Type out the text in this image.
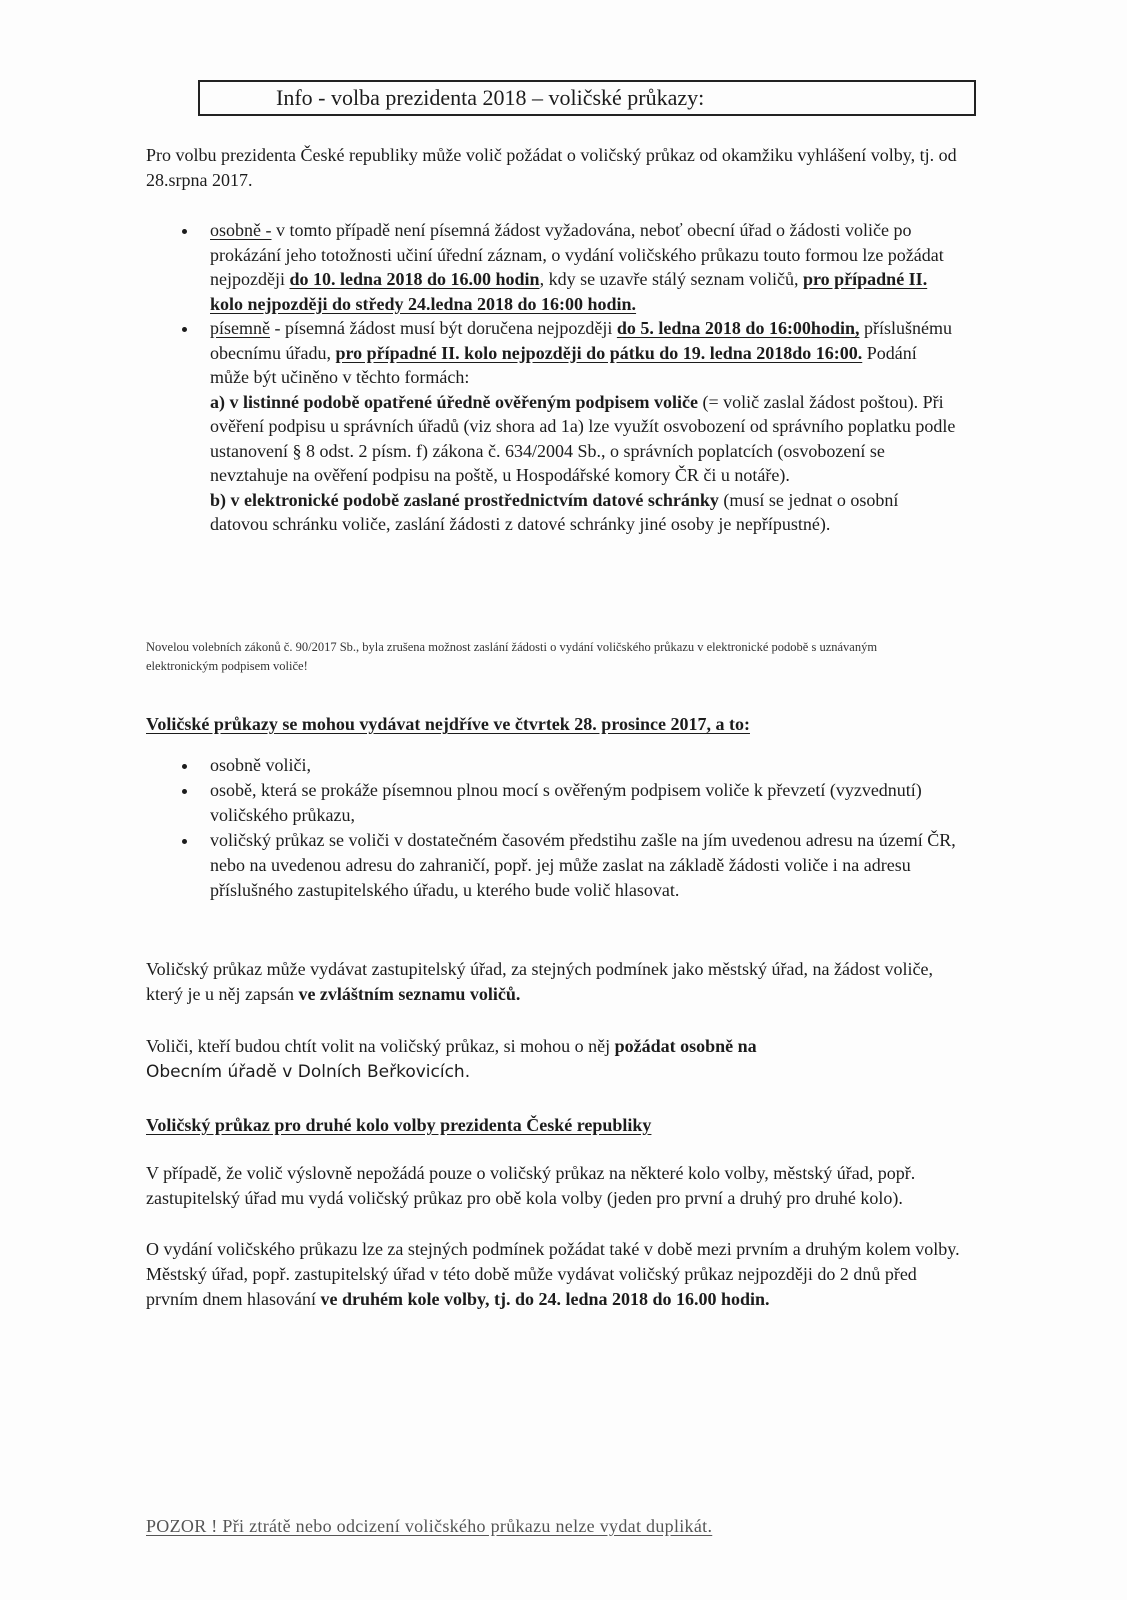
Info - volba prezidenta 2018 – voličské průkazy:
Pro volbu prezidenta České republiky může volič požádat o voličský průkaz od okamžiku vyhlášení volby, tj. od 28.srpna 2017.
osobně - v tomto případě není písemná žádost vyžadována, neboť obecní úřad o žádosti voliče po prokázání jeho totožnosti učiní úřední záznam, o vydání voličského průkazu touto formou lze požádat nejpozději do 10. ledna 2018 do 16.00 hodin, kdy se uzavře stálý seznam voličů, pro případné II. kolo nejpozději do středy 24.ledna 2018 do 16:00 hodin.
písemně - písemná žádost musí být doručena nejpozději do 5. ledna 2018 do 16:00hodin, příslušnému obecnímu úřadu, pro případné II. kolo nejpozději do pátku do 19. ledna 2018do 16:00. Podání může být učiněno v těchto formách:
a) v listinné podobě opatřené úředně ověřeným podpisem voliče (= volič zaslal žádost poštou). Při ověření podpisu u správních úřadů (viz shora ad 1a) lze využít osvobození od správního poplatku podle ustanovení § 8 odst. 2 písm. f) zákona č. 634/2004 Sb., o správních poplatcích (osvobození se nevztahuje na ověření podpisu na poště, u Hospodářské komory ČR či u notáře).
b) v elektronické podobě zaslané prostřednictvím datové schránky (musí se jednat o osobní datovou schránku voliče, zaslání žádosti z datové schránky jiné osoby je nepřípustné).
Novelou volebních zákonů č. 90/2017 Sb., byla zrušena možnost zaslání žádosti o vydání voličského průkazu v elektronické podobě s uznávaným elektronickým podpisem voliče!
Voličské průkazy se mohou vydávat nejdříve ve čtvrtek 28. prosince 2017, a to:
osobně voliči,
osobě, která se prokáže písemnou plnou mocí s ověřeným podpisem voliče k převzetí (vyzvednutí) voličského průkazu,
voličský průkaz se voliči v dostatečném časovém předstihu zašle na jím uvedenou adresu na území ČR, nebo na uvedenou adresu do zahraničí, popř. jej může zaslat na základě žádosti voliče i na adresu příslušného zastupitelského úřadu, u kterého bude volič hlasovat.
Voličský průkaz může vydávat zastupitelský úřad, za stejných podmínek jako městský úřad, na žádost voliče, který je u něj zapsán ve zvláštním seznamu voličů.
Voliči, kteří budou chtít volit na voličský průkaz, si mohou o něj požádat osobně na
Obecním úřadě v Dolních Beřkovicích.
Voličský průkaz pro druhé kolo volby prezidenta České republiky
V případě, že volič výslovně nepožádá pouze o voličský průkaz na některé kolo volby, městský úřad, popř. zastupitelský úřad mu vydá voličský průkaz pro obě kola volby (jeden pro první a druhý pro druhé kolo).
O vydání voličského průkazu lze za stejných podmínek požádat také v době mezi prvním a druhým kolem volby. Městský úřad, popř. zastupitelský úřad v této době může vydávat voličský průkaz nejpozději do 2 dnů před prvním dnem hlasování ve druhém kole volby, tj. do 24. ledna 2018 do 16.00 hodin.
POZOR ! Při ztrátě nebo odcizení voličského průkazu nelze vydat duplikát.
